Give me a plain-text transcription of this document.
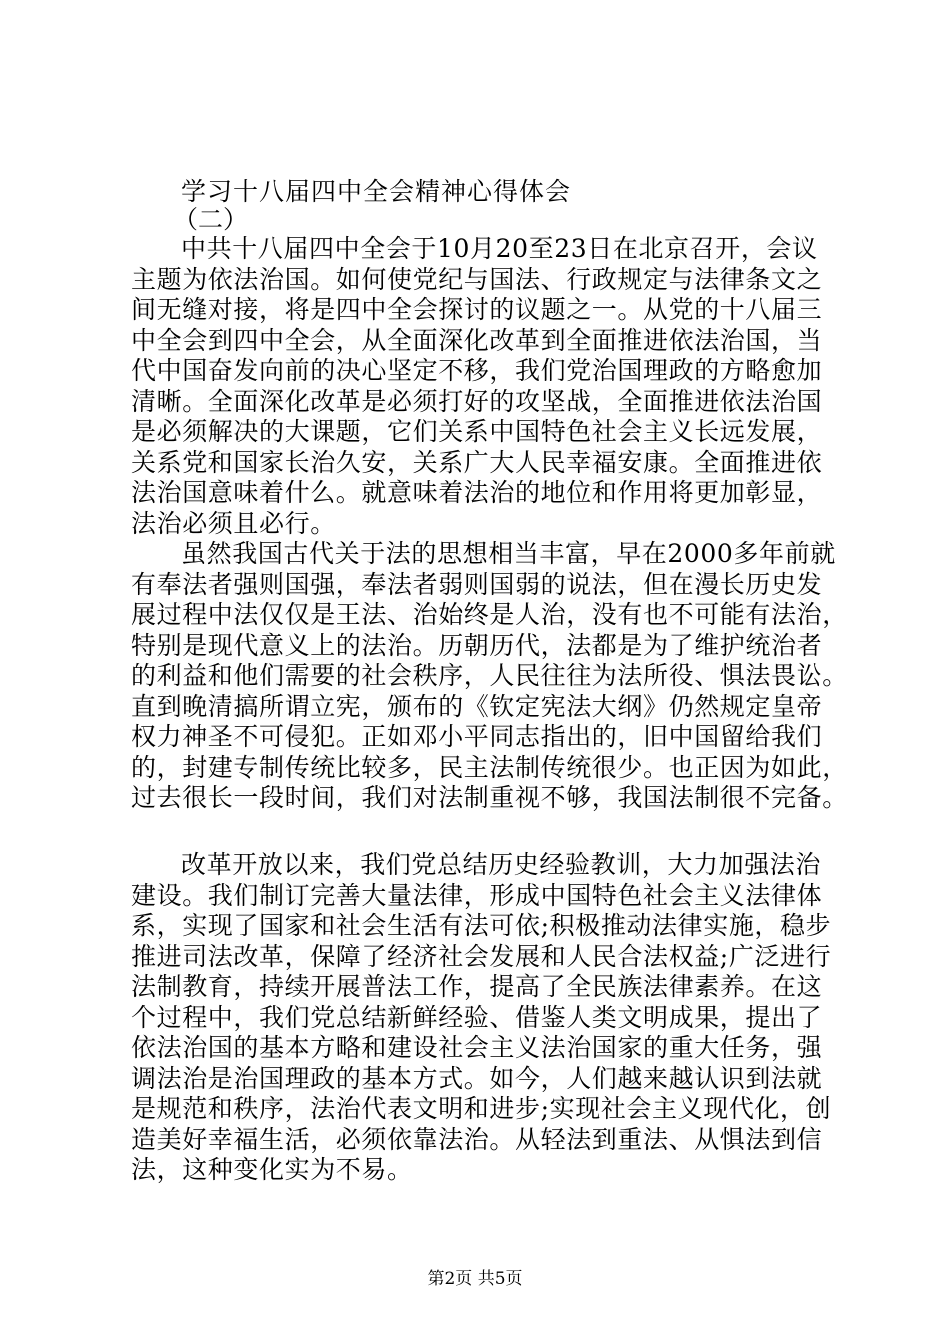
学习十八届四中全会精神心得体会
（二）
中共十八届四中全会于10月20至23日在北京召开，会议
主题为依法治国。如何使党纪与国法、行政规定与法律条文之
间无缝对接，将是四中全会探讨的议题之一。从党的十八届三
中全会到四中全会，从全面深化改革到全面推进依法治国，当
代中国奋发向前的决心坚定不移，我们党治国理政的方略愈加
清晰。全面深化改革是必须打好的攻坚战，全面推进依法治国
是必须解决的大课题，它们关系中国特色社会主义长远发展，
关系党和国家长治久安，关系广大人民幸福安康。全面推进依
法治国意味着什么。就意味着法治的地位和作用将更加彰显，
法治必须且必行。
虽然我国古代关于法的思想相当丰富，早在2000多年前就
有奉法者强则国强，奉法者弱则国弱的说法，但在漫长历史发
展过程中法仅仅是王法、治始终是人治，没有也不可能有法治，
特别是现代意义上的法治。历朝历代，法都是为了维护统治者
的利益和他们需要的社会秩序，人民往往为法所役、惧法畏讼。
直到晚清搞所谓立宪，颁布的《钦定宪法大纲》仍然规定皇帝
权力神圣不可侵犯。正如邓小平同志指出的，旧中国留给我们
的，封建专制传统比较多，民主法制传统很少。也正因为如此，
过去很长一段时间，我们对法制重视不够，我国法制很不完备。
改革开放以来，我们党总结历史经验教训，大力加强法治
建设。我们制订完善大量法律，形成中国特色社会主义法律体
系，实现了国家和社会生活有法可依;积极推动法律实施，稳步
推进司法改革，保障了经济社会发展和人民合法权益;广泛进行
法制教育，持续开展普法工作，提高了全民族法律素养。在这
个过程中，我们党总结新鲜经验、借鉴人类文明成果，提出了
依法治国的基本方略和建设社会主义法治国家的重大任务，强
调法治是治国理政的基本方式。如今，人们越来越认识到法就
是规范和秩序，法治代表文明和进步;实现社会主义现代化，创
造美好幸福生活，必须依靠法治。从轻法到重法、从惧法到信
法，这种变化实为不易。
第2页 共5页
